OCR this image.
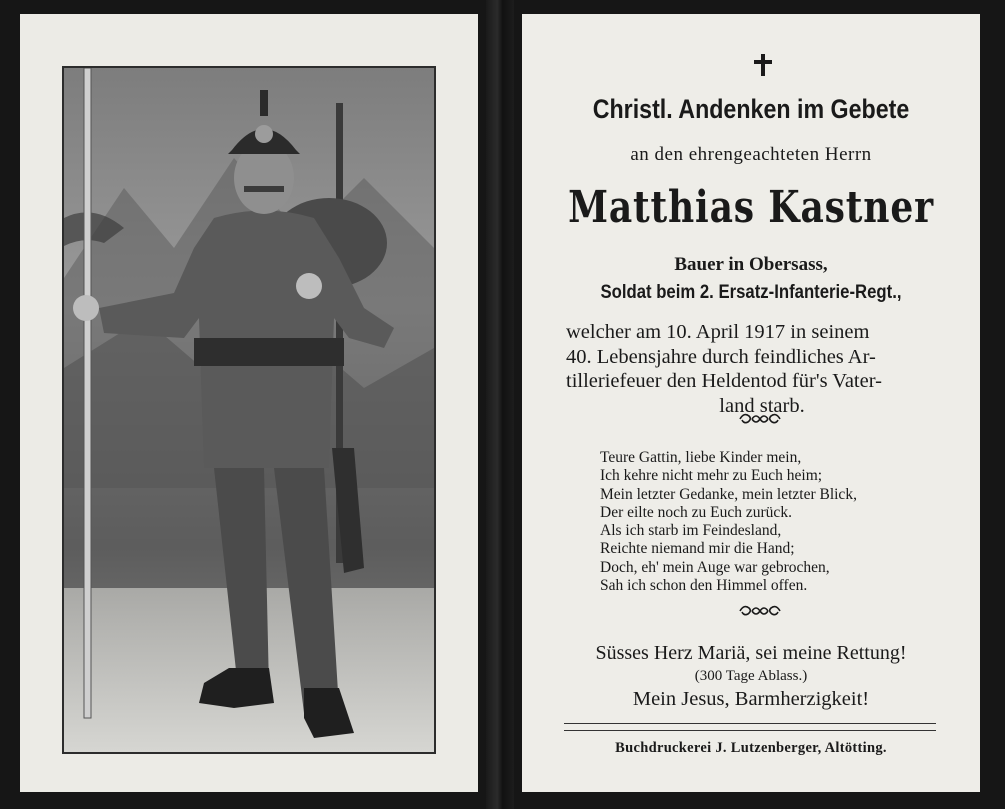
Christl. Andenken im Gebete
an den ehrengeachteten Herrn
Matthias Kastner
Bauer in Obersass,
Soldat beim 2. Ersatz-Infanterie-Regt.,
welcher am 10. April 1917 in seinem
40. Lebensjahre durch feindliches Ar-
tilleriefeuer den Heldentod für's Vater-
land starb.
Teure Gattin, liebe Kinder mein,
Ich kehre nicht mehr zu Euch heim;
Mein letzter Gedanke, mein letzter Blick,
Der eilte noch zu Euch zurück.
Als ich starb im Feindesland,
Reichte niemand mir die Hand;
Doch, eh' mein Auge war gebrochen,
Sah ich schon den Himmel offen.
Süsses Herz Mariä, sei meine Rettung!
(300 Tage Ablass.)
Mein Jesus, Barmherzigkeit!
Buchdruckerei J. Lutzenberger, Altötting.
